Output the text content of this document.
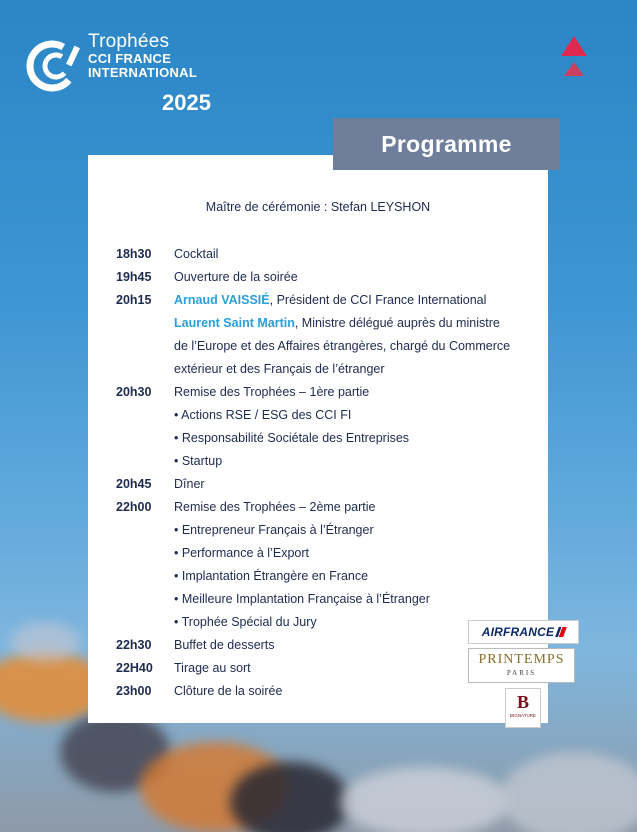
Trophées
CCI FRANCE
INTERNATIONAL
2025
Maître de cérémonie : Stefan LEYSHON
18h30 Cocktail
19h45 Ouverture de la soirée
20h15 Arnaud VAISSIÉ, Président de CCI France International
Laurent Saint Martin, Ministre délégué auprès du ministre
de l’Europe et des Affaires étrangères, chargé du Commerce
extérieur et des Français de l’étranger
20h30 Remise des Trophées – 1ère partie
• Actions RSE / ESG des CCI FI
• Responsabilité Sociétale des Entreprises
• Startup
20h45 Dîner
22h00 Remise des Trophées – 2ème partie
• Entrepreneur Français à l’Étranger
• Performance à l’Export
• Implantation Étrangère en France
• Meilleure Implantation Française à l’Étranger
• Trophée Spécial du Jury
22h30 Buffet de desserts
22H40 Tirage au sort
23h00 Clôture de la soirée
Programme
AIRFRANCE
PRINTEMPS
PARIS
B
BIGNATURE
